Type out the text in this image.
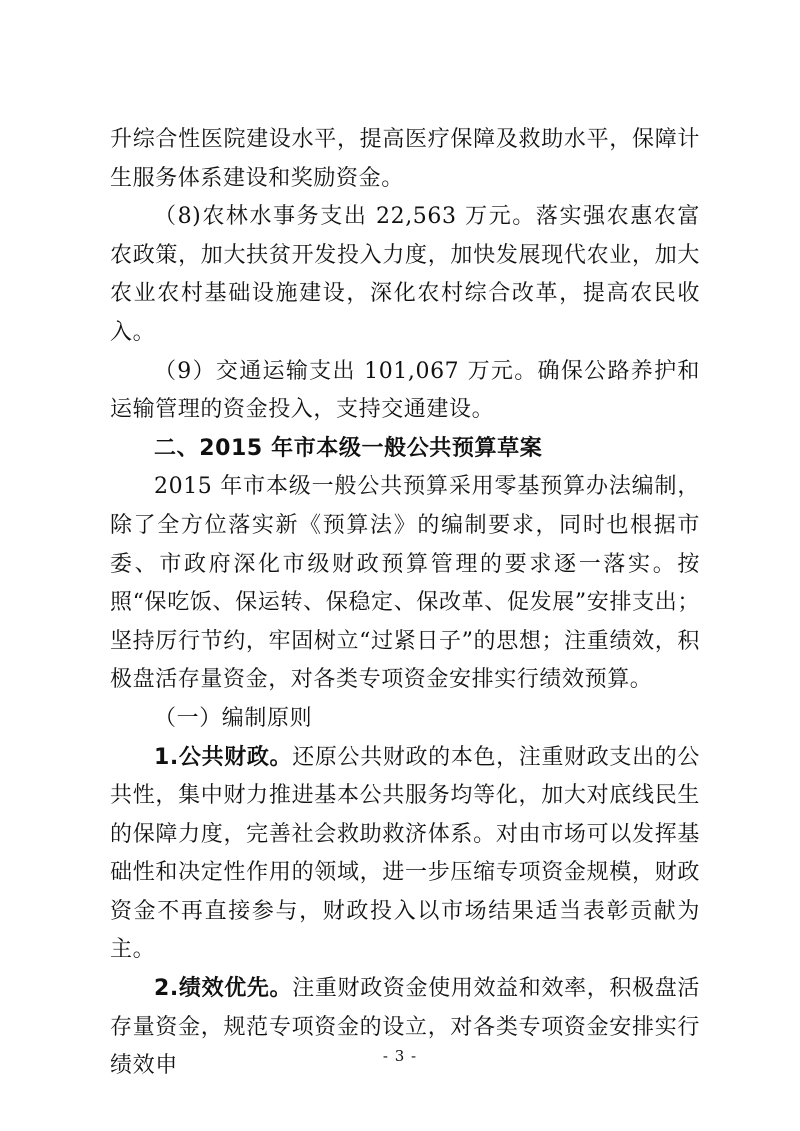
升综合性医院建设水平，提高医疗保障及救助水平，保障计生服务体系建设和奖励资金。

（8)农林水事务支出 22,563 万元。落实强农惠农富农政策，加大扶贫开发投入力度，加快发展现代农业，加大农业农村基础设施建设，深化农村综合改革，提高农民收入。

（9）交通运输支出 101,067 万元。确保公路养护和运输管理的资金投入，支持交通建设。

二、2015 年市本级一般公共预算草案

2015 年市本级一般公共预算采用零基预算办法编制，除了全方位落实新《预算法》的编制要求，同时也根据市委、市政府深化市级财政预算管理的要求逐一落实。按照“保吃饭、保运转、保稳定、保改革、促发展”安排支出；坚持厉行节约，牢固树立“过紧日子”的思想；注重绩效，积极盘活存量资金，对各类专项资金安排实行绩效预算。

（一）编制原则

1.公共财政。还原公共财政的本色，注重财政支出的公共性，集中财力推进基本公共服务均等化，加大对底线民生的保障力度，完善社会救助救济体系。对由市场可以发挥基础性和决定性作用的领域，进一步压缩专项资金规模，财政资金不再直接参与，财政投入以市场结果适当表彰贡献为主。

2.绩效优先。注重财政资金使用效益和效率，积极盘活存量资金，规范专项资金的设立，对各类专项资金安排实行绩效申	- 3 -
